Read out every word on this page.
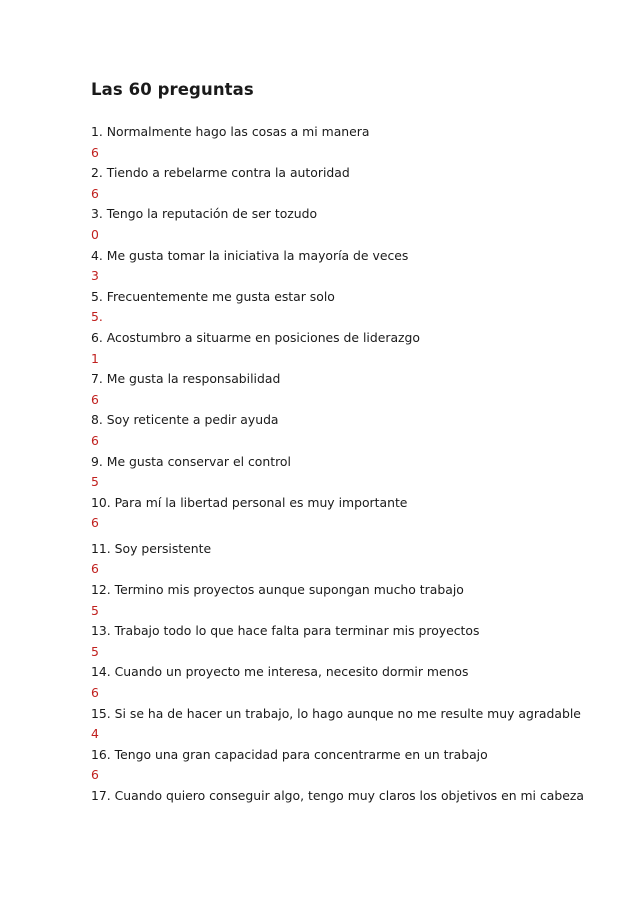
Las 60 preguntas
1. Normalmente hago las cosas a mi manera
6
2. Tiendo a rebelarme contra la autoridad
6
3. Tengo la reputación de ser tozudo
0
4. Me gusta tomar la iniciativa la mayoría de veces
3
5. Frecuentemente me gusta estar solo
5.
6. Acostumbro a situarme en posiciones de liderazgo
1
7. Me gusta la responsabilidad
6
8. Soy reticente a pedir ayuda
6
9. Me gusta conservar el control
5
10. Para mí la libertad personal es muy importante
6
11. Soy persistente
6
12. Termino mis proyectos aunque supongan mucho trabajo
5
13. Trabajo todo lo que hace falta para terminar mis proyectos
5
14. Cuando un proyecto me interesa, necesito dormir menos
6
15. Si se ha de hacer un trabajo, lo hago aunque no me resulte muy agradable
4
16. Tengo una gran capacidad para concentrarme en un trabajo
6
17. Cuando quiero conseguir algo, tengo muy claros los objetivos en mi cabeza
